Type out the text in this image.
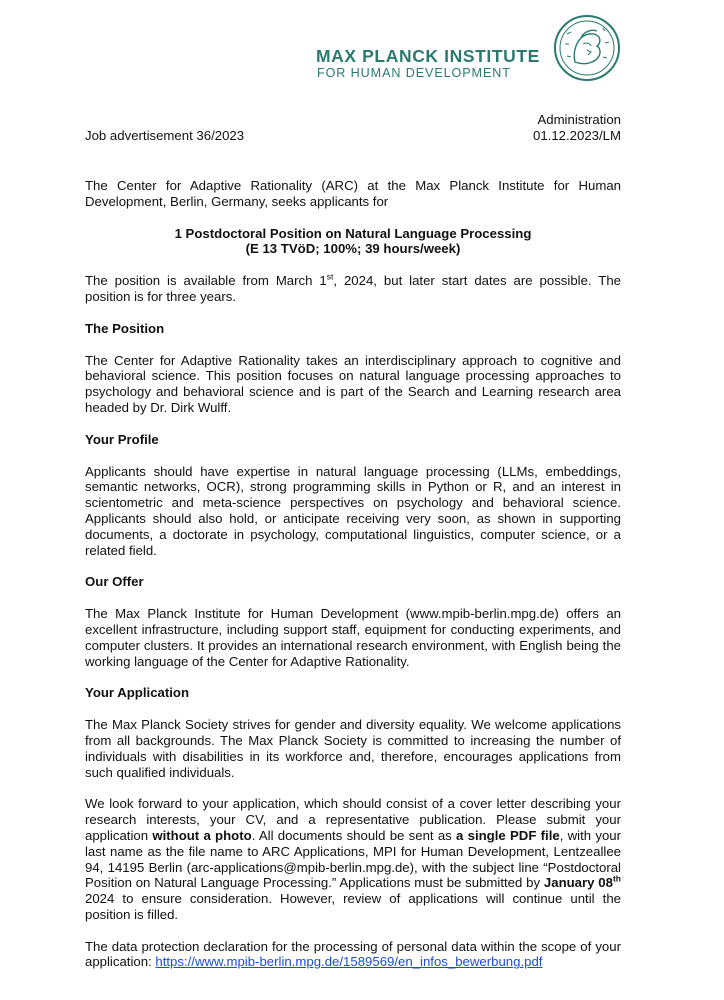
MAX PLANCK INSTITUTE
FOR HUMAN DEVELOPMENT
Administration
01.12.2023/LM
Job advertisement 36/2023

The Center for Adaptive Rationality (ARC) at the Max Planck Institute for Human Development, Berlin, Germany, seeks applicants for

1 Postdoctoral Position on Natural Language Processing
(E 13 TVöD; 100%; 39 hours/week)

The position is available from March 1st, 2024, but later start dates are possible. The position is for three years.

The Position

The Center for Adaptive Rationality takes an interdisciplinary approach to cognitive and behavioral science. This position focuses on natural language processing approaches to psychology and behavioral science and is part of the Search and Learning research area headed by Dr. Dirk Wulff.

Your Profile

Applicants should have expertise in natural language processing (LLMs, embeddings, semantic networks, OCR), strong programming skills in Python or R, and an interest in scientometric and meta-science perspectives on psychology and behavioral science. Applicants should also hold, or anticipate receiving very soon, as shown in supporting documents, a doctorate in psychology, computational linguistics, computer science, or a related field.

Our Offer

The Max Planck Institute for Human Development (www.mpib-berlin.mpg.de) offers an excellent infrastructure, including support staff, equipment for conducting experiments, and computer clusters. It provides an international research environment, with English being the working language of the Center for Adaptive Rationality.

Your Application

The Max Planck Society strives for gender and diversity equality. We welcome applications from all backgrounds. The Max Planck Society is committed to increasing the number of individuals with disabilities in its workforce and, therefore, encourages applications from such qualified individuals.

We look forward to your application, which should consist of a cover letter describing your research interests, your CV, and a representative publication. Please submit your application without a photo. All documents should be sent as a single PDF file, with your last name as the file name to ARC Applications, MPI for Human Development, Lentzeallee 94, 14195 Berlin (arc-applications@mpib-berlin.mpg.de), with the subject line “Postdoctoral Position on Natural Language Processing.” Applications must be submitted by January 08th 2024 to ensure consideration. However, review of applications will continue until the position is filled.

The data protection declaration for the processing of personal data within the scope of your application: https://www.mpib-berlin.mpg.de/1589569/en_infos_bewerbung.pdf
